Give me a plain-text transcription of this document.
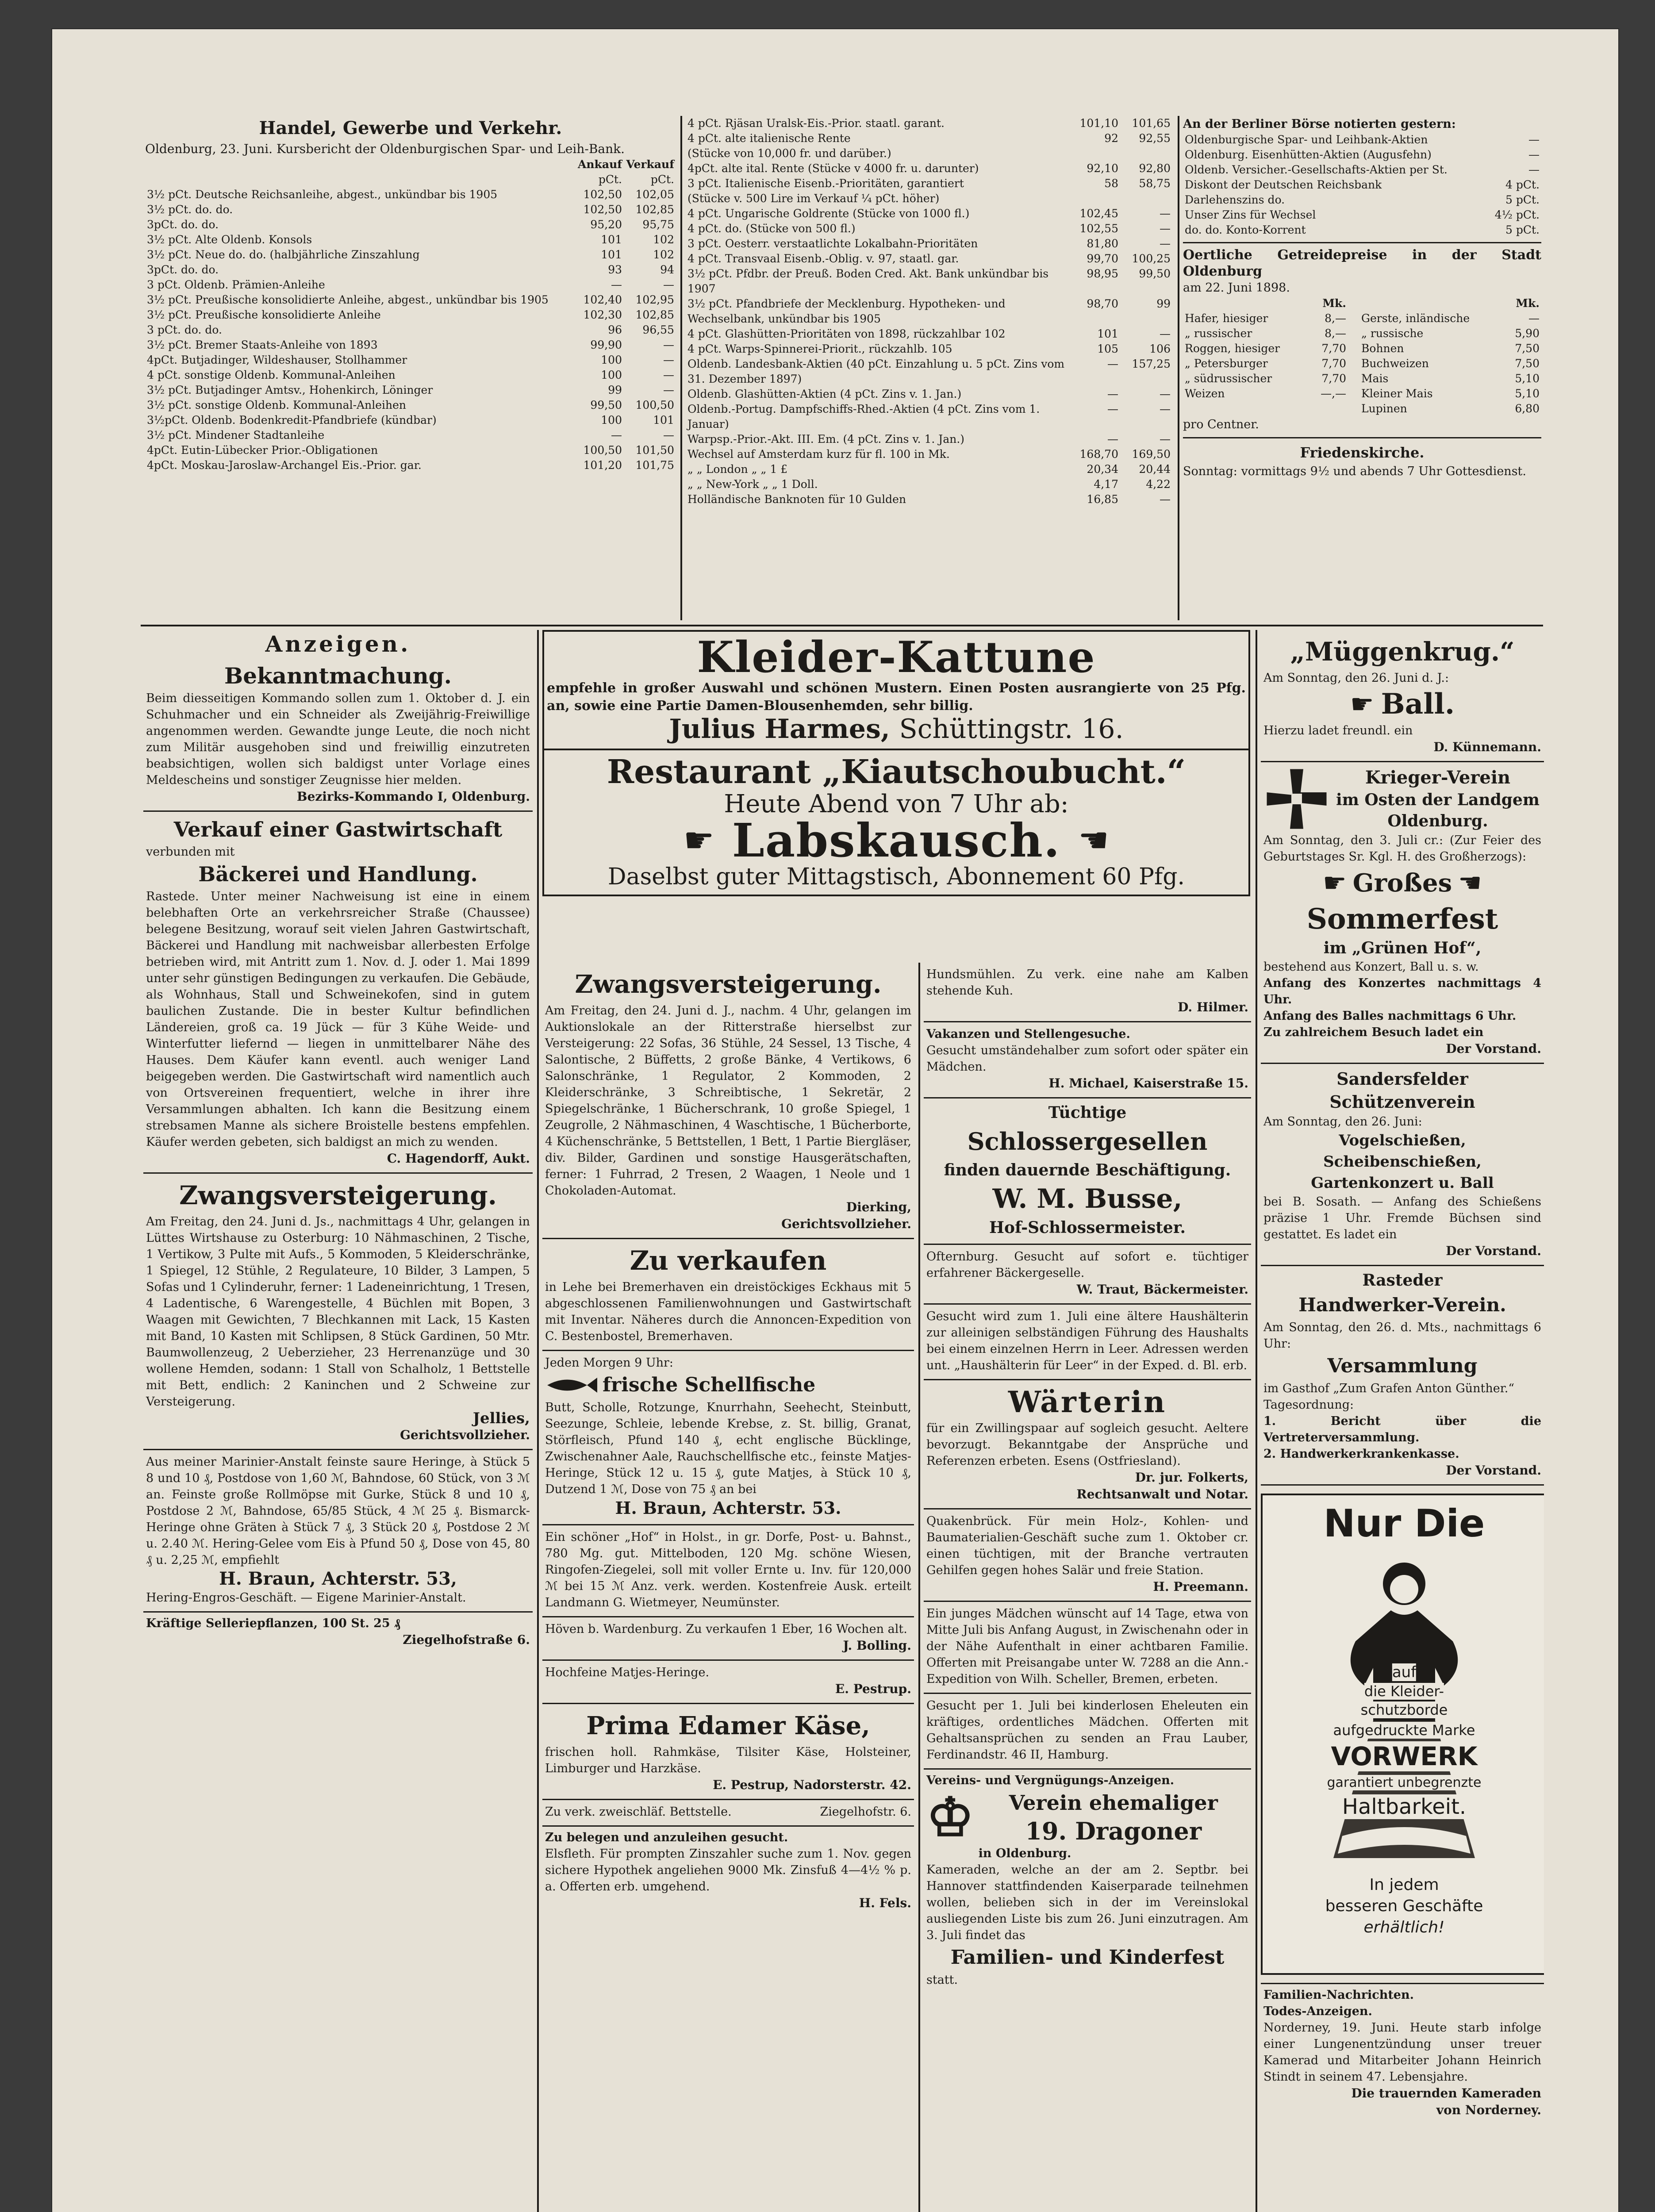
Handel, Gewerbe und Verkehr.

Oldenburg, 23. Juni. Kursbericht der Oldenburgischen Spar- und Leih-Bank.

	Ankauf	Verkauf
	pCt.	pCt.
3½ pCt. Deutsche Reichsanleihe, abgest., unkündbar bis 1905	102,50	102,05
3½ pCt. do. do.	102,50	102,85
3pCt. do. do.	95,20	95,75
3½ pCt. Alte Oldenb. Konsols	101	102
3½ pCt. Neue do. do. (halbjährliche Zinszahlung	101	102
3pCt. do. do.	93	94
3 pCt. Oldenb. Prämien-Anleihe	—	—
3½ pCt. Preußische konsolidierte Anleihe, abgest., unkündbar bis 1905	102,40	102,95
3½ pCt. Preußische konsolidierte Anleihe	102,30	102,85
3 pCt. do. do.	96	96,55
3½ pCt. Bremer Staats-Anleihe von 1893	99,90	—
4pCt. Butjadinger, Wildeshauser, Stollhammer	100	—
4 pCt. sonstige Oldenb. Kommunal-Anleihen	100	—
3½ pCt. Butjadinger Amtsv., Hohenkirch, Löninger	99	—
3½ pCt. sonstige Oldenb. Kommunal-Anleihen	99,50	100,50
3½pCt. Oldenb. Bodenkredit-Pfandbriefe (kündbar)	100	101
3½ pCt. Mindener Stadtanleihe	—	—
4pCt. Eutin-Lübecker Prior.-Obligationen	100,50	101,50
4pCt. Moskau-Jaroslaw-Archangel Eis.-Prior. gar.	101,20	101,75
4 pCt. Rjäsan Uralsk-Eis.-Prior. staatl. garant.	101,10	101,65
4 pCt. alte italienische Rente	92	92,55
(Stücke von 10,000 fr. und darüber.)		
4pCt. alte ital. Rente (Stücke v 4000 fr. u. darunter)	92,10	92,80
3 pCt. Italienische Eisenb.-Prioritäten, garantiert	58	58,75
(Stücke v. 500 Lire im Verkauf ¼ pCt. höher)		
4 pCt. Ungarische Goldrente (Stücke von 1000 fl.)	102,45	—
4 pCt. do. (Stücke von 500 fl.)	102,55	—
3 pCt. Oesterr. verstaatlichte Lokalbahn-Prioritäten	81,80	—
4 pCt. Transvaal Eisenb.-Oblig. v. 97, staatl. gar.	99,70	100,25
3½ pCt. Pfdbr. der Preuß. Boden Cred. Akt. Bank unkündbar bis 1907	98,95	99,50
3½ pCt. Pfandbriefe der Mecklenburg. Hypotheken- und Wechselbank, unkündbar bis 1905	98,70	99
4 pCt. Glashütten-Prioritäten von 1898, rückzahlbar 102	101	—
4 pCt. Warps-Spinnerei-Priorit., rückzahlb. 105	105	106
Oldenb. Landesbank-Aktien (40 pCt. Einzahlung u. 5 pCt. Zins vom 31. Dezember 1897)	—	157,25
Oldenb. Glashütten-Aktien (4 pCt. Zins v. 1. Jan.)	—	—
Oldenb.-Portug. Dampfschiffs-Rhed.-Aktien (4 pCt. Zins vom 1. Januar)	—	—
Warpsp.-Prior.-Akt. III. Em. (4 pCt. Zins v. 1. Jan.)	—	—
Wechsel auf Amsterdam kurz für fl. 100 in Mk.	168,70	169,50
„ „ London „ „ 1 £	20,34	20,44
„ „ New-York „ „ 1 Doll.	4,17	4,22
Holländische Banknoten für 10 Gulden	16,85	—

An der Berliner Börse notierten gestern:

Oldenburgische Spar- und Leihbank-Aktien	—
Oldenburg. Eisenhütten-Aktien (Augusfehn)	—
Oldenb. Versicher.-Gesellschafts-Aktien per St.	—
Diskont der Deutschen Reichsbank	4 pCt.
Darlehenszins do.	5 pCt.
Unser Zins für Wechsel	4½ pCt.
do. do. Konto-Korrent	5 pCt.

Oertliche Getreidepreise in der Stadt Oldenburg

am 22. Juni 1898.

	Mk.		Mk.
Hafer, hiesiger	8,—	Gerste, inländische	—
„ russischer	8,—	„ russische	5,90
Roggen, hiesiger	7,70	Bohnen	7,50
„ Petersburger	7,70	Buchweizen	7,50
„ südrussischer	7,70	Mais	5,10
Weizen	—,—	Kleiner Mais	5,10
		Lupinen	6,80

pro Centner.

Friedenskirche.

Sonntag: vormittags 9½ und abends 7 Uhr Gottesdienst.

Anzeigen.

Bekanntmachung.

Beim diesseitigen Kommando sollen zum 1. Oktober d. J. ein Schuhmacher und ein Schneider als Zweijährig-Freiwillige angenommen werden. Gewandte junge Leute, die noch nicht zum Militär ausgehoben sind und freiwillig einzutreten beabsichtigen, wollen sich baldigst unter Vorlage eines Meldescheins und sonstiger Zeugnisse hier melden.

Bezirks-Kommando I, Oldenburg.

Verkauf einer Gastwirtschaft

verbunden mit

Bäckerei und Handlung.

Rastede. Unter meiner Nachweisung ist eine in einem belebhaften Orte an verkehrsreicher Straße (Chaussee) belegene Besitzung, worauf seit vielen Jahren Gastwirtschaft, Bäckerei und Handlung mit nachweisbar allerbesten Erfolge betrieben wird, mit Antritt zum 1. Nov. d. J. oder 1. Mai 1899 unter sehr günstigen Bedingungen zu verkaufen. Die Gebäude, als Wohnhaus, Stall und Schweinekofen, sind in gutem baulichen Zustande. Die in bester Kultur befindlichen Ländereien, groß ca. 19 Jück — für 3 Kühe Weide- und Winterfutter liefernd — liegen in unmittelbarer Nähe des Hauses. Dem Käufer kann eventl. auch weniger Land beigegeben werden. Die Gastwirtschaft wird namentlich auch von Ortsvereinen frequentiert, welche in ihrer ihre Versammlungen abhalten. Ich kann die Besitzung einem strebsamen Manne als sichere Broistelle bestens empfehlen. Käufer werden gebeten, sich baldigst an mich zu wenden.

C. Hagendorff, Aukt.

Zwangsversteigerung.

Am Freitag, den 24. Juni d. Js., nachmittags 4 Uhr, gelangen in Lüttes Wirtshause zu Osterburg: 10 Nähmaschinen, 2 Tische, 1 Vertikow, 3 Pulte mit Aufs., 5 Kommoden, 5 Kleiderschränke, 1 Spiegel, 12 Stühle, 2 Regulateure, 10 Bilder, 3 Lampen, 5 Sofas und 1 Cylinderuhr, ferner: 1 Ladeneinrichtung, 1 Tresen, 4 Ladentische, 6 Warengestelle, 4 Büchlen mit Bopen, 3 Waagen mit Gewichten, 7 Blechkannen mit Lack, 15 Kasten mit Band, 10 Kasten mit Schlipsen, 8 Stück Gardinen, 50 Mtr. Baumwollenzeug, 2 Ueberzieher, 23 Herrenanzüge und 30 wollene Hemden, sodann: 1 Stall von Schalholz, 1 Bettstelle mit Bett, endlich: 2 Kaninchen und 2 Schweine zur Versteigerung.

Jellies,

Gerichtsvollzieher.

Aus meiner Marinier-Anstalt feinste saure Heringe, à Stück 5 8 und 10 ₰, Postdose von 1,60 ℳ, Bahndose, 60 Stück, von 3 ℳ an. Feinste große Rollmöpse mit Gurke, Stück 8 und 10 ₰, Postdose 2 ℳ, Bahndose, 65/85 Stück, 4 ℳ 25 ₰. Bismarck-Heringe ohne Gräten à Stück 7 ₰, 3 Stück 20 ₰, Postdose 2 ℳ u. 2.40 ℳ. Hering-Gelee vom Eis à Pfund 50 ₰, Dose von 45, 80 ₰ u. 2,25 ℳ, empfiehlt

H. Braun, Achterstr. 53,

Hering-Engros-Geschäft. — Eigene Marinier-Anstalt.

Kräftige Selleriepflanzen, 100 St. 25 ₰

Ziegelhofstraße 6.

Kleider-Kattune

empfehle in großer Auswahl und schönen Mustern. Einen Posten ausrangierte von 25 Pfg. an, sowie eine Partie Damen-Blousenhemden, sehr billig.

Julius Harmes, Schüttingstr. 16.

Restaurant „Kiautschoubucht.“

Heute Abend von 7 Uhr ab:

☛ Labskausch. ☛

Daselbst guter Mittagstisch, Abonnement 60 Pfg.

Zwangsversteigerung.

Am Freitag, den 24. Juni d. J., nachm. 4 Uhr, gelangen im Auktionslokale an der Ritterstraße hierselbst zur Versteigerung: 22 Sofas, 36 Stühle, 24 Sessel, 13 Tische, 4 Salontische, 2 Büffetts, 2 große Bänke, 4 Vertikows, 6 Salonschränke, 1 Regulator, 2 Kommoden, 2 Kleiderschränke, 3 Schreibtische, 1 Sekretär, 2 Spiegelschränke, 1 Bücherschrank, 10 große Spiegel, 1 Zeugrolle, 2 Nähmaschinen, 4 Waschtische, 1 Bücherborte, 4 Küchenschränke, 5 Bettstellen, 1 Bett, 1 Partie Biergläser, div. Bilder, Gardinen und sonstige Hausgerätschaften, ferner: 1 Fuhrrad, 2 Tresen, 2 Waagen, 1 Neole und 1 Chokoladen-Automat.

Dierking,

Gerichtsvollzieher.

Zu verkaufen

in Lehe bei Bremerhaven ein dreistöckiges Eckhaus mit 5 abgeschlossenen Familienwohnungen und Gastwirtschaft mit Inventar. Näheres durch die Annoncen-Expedition von C. Bestenbostel, Bremerhaven.

Jeden Morgen 9 Uhr:

frische Schellfische

Butt, Scholle, Rotzunge, Knurrhahn, Seehecht, Steinbutt, Seezunge, Schleie, lebende Krebse, z. St. billig, Granat, Störfleisch, Pfund 140 ₰, echt englische Bücklinge, Zwischenahner Aale, Rauchschellfische etc., feinste Matjes-Heringe, Stück 12 u. 15 ₰, gute Matjes, à Stück 10 ₰, Dutzend 1 ℳ, Dose von 75 ₰ an bei

H. Braun, Achterstr. 53.

Ein schöner „Hof“ in Holst., in gr. Dorfe, Post- u. Bahnst., 780 Mg. gut. Mittelboden, 120 Mg. schöne Wiesen, Ringofen-Ziegelei, soll mit voller Ernte u. Inv. für 120,000 ℳ bei 15 ℳ Anz. verk. werden. Kostenfreie Ausk. erteilt Landmann G. Wietmeyer, Neumünster.

Höven b. Wardenburg. Zu verkaufen 1 Eber, 16 Wochen alt.

J. Bolling.

Hochfeine Matjes-Heringe.

E. Pestrup.

Prima Edamer Käse,

frischen holl. Rahmkäse, Tilsiter Käse, Holsteiner, Limburger und Harzkäse.

E. Pestrup, Nadorsterstr. 42.

Zu verk. zweischläf. Bettstelle.	Ziegelhofstr. 6.

Zu belegen und anzuleihen gesucht.

Elsfleth. Für prompten Zinszahler suche zum 1. Nov. gegen sichere Hypothek angeliehen 9000 Mk. Zinsfuß 4—4½ % p. a. Offerten erb. umgehend.

H. Fels.

Hundsmühlen. Zu verk. eine nahe am Kalben stehende Kuh.

D. Hilmer.

Vakanzen und Stellengesuche.

Gesucht umständehalber zum sofort oder später ein Mädchen.

H. Michael, Kaiserstraße 15.

Tüchtige

Schlossergesellen

finden dauernde Beschäftigung.

W. M. Busse,

Hof-Schlossermeister.

Ofternburg. Gesucht auf sofort e. tüchtiger erfahrener Bäckergeselle.

W. Traut, Bäckermeister.

Gesucht wird zum 1. Juli eine ältere Haushälterin zur alleinigen selbständigen Führung des Haushalts bei einem einzelnen Herrn in Leer. Adressen werden unt. „Haushälterin für Leer“ in der Exped. d. Bl. erb.

Wärterin

für ein Zwillingspaar auf sogleich gesucht. Aeltere bevorzugt. Bekanntgabe der Ansprüche und Referenzen erbeten. Esens (Ostfriesland).

Dr. jur. Folkerts,

Rechtsanwalt und Notar.

Quakenbrück. Für mein Holz-, Kohlen- und Baumaterialien-Geschäft suche zum 1. Oktober cr. einen tüchtigen, mit der Branche vertrauten Gehilfen gegen hohes Salär und freie Station.

H. Preemann.

Ein junges Mädchen wünscht auf 14 Tage, etwa von Mitte Juli bis Anfang August, in Zwischenahn oder in der Nähe Aufenthalt in einer achtbaren Familie. Offerten mit Preisangabe unter W. 7288 an die Ann.-Expedition von Wilh. Scheller, Bremen, erbeten.

Gesucht per 1. Juli bei kinderlosen Eheleuten ein kräftiges, ordentliches Mädchen. Offerten mit Gehaltsansprüchen zu senden an Frau Lauber, Ferdinandstr. 46 II, Hamburg.

Vereins- und Vergnügungs-Anzeigen.

♔	Verein ehemaliger

19. Dragoner

in Oldenburg.

Kameraden, welche an der am 2. Septbr. bei Hannover stattfindenden Kaiserparade teilnehmen wollen, belieben sich in der im Vereinslokal ausliegenden Liste bis zum 26. Juni einzutragen. Am 3. Juli findet das

Familien- und Kinderfest

statt.

„Müggenkrug.“

Am Sonntag, den 26. Juni d. J.:

☛ Ball.

Hierzu ladet freundl. ein

D. Künnemann.

Krieger-Verein

im Osten der Landgem

Oldenburg.

Am Sonntag, den 3. Juli cr.: (Zur Feier des Geburtstages Sr. Kgl. H. des Großherzogs):

☛ Großes ☛

Sommerfest

im „Grünen Hof“,

bestehend aus Konzert, Ball u. s. w.

Anfang des Konzertes nachmittags 4 Uhr.

Anfang des Balles nachmittags 6 Uhr.

Zu zahlreichem Besuch ladet ein

Der Vorstand.

Sandersfelder Schützenverein

Am Sonntag, den 26. Juni:

Vogelschießen, Scheibenschießen, Gartenkonzert u. Ball

bei B. Sosath. — Anfang des Schießens präzise 1 Uhr. Fremde Büchsen sind gestattet. Es ladet ein

Der Vorstand.

Rasteder

Handwerker-Verein.

Am Sonntag, den 26. d. Mts., nachmittags 6 Uhr:

Versammlung

im Gasthof „Zum Grafen Anton Günther.“

Tagesordnung:

1. Bericht über die Vertreterversammlung.

2. Handwerkerkrankenkasse.

Der Vorstand.

Nur Die
auf
die Kleider-
schutzborde
aufgedruckte Marke
VORWERK
garantiert unbegrenzte
Haltbarkeit.
In jedem
besseren Geschäfte
erhältlich!

Familien-Nachrichten.

Todes-Anzeigen.

Norderney, 19. Juni. Heute starb infolge einer Lungenentzündung unser treuer Kamerad und Mitarbeiter Johann Heinrich Stindt in seinem 47. Lebensjahre.

Die trauernden Kameraden

von Norderney.
